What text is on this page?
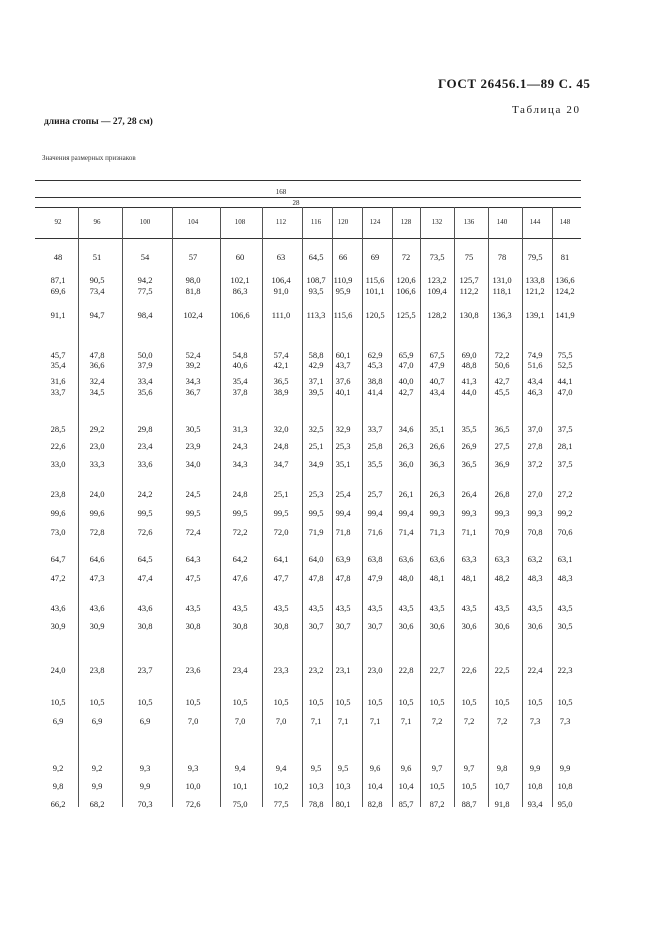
ГОСТ 26456.1—89 С. 45
Таблица 20
длина стопы — 27, 28 см)
Значения размерных признаков
168
28
92	96	100	104	108	112	116	120	124	128	132	136	140	144	148
48	51	54	57	60	63	64,5	66	69	72	73,5	75	78	79,5	81
87,1	90,5	94,2	98,0	102,1	106,4	108,7 110,9	115,6	120,6	123,2	125,7	131,0	133,8	136,6
69,6	73,4	77,5	81,8	86,3	91,0	93,5	95,9	101,1	106,6	109,4	112,2	118,1	121,2	124,2
91,1	94,7	98,4	102,4	106,6	111,0	113,3 115,6	120,5	125,5	128,2	130,8	136,3	139,1	141,9
45,7	47,8	50,0	52,4	54,8	57,4	58,8	60,1	62,9	65,9	67,5	69,0	72,2	74,9	75,5
35,4	36,6	37,9	39,2	40,6	42,1	42,9	43,7	45,3	47,0	47,9	48,8	50,6	51,6	52,5
31,6	32,4	33,4	34,3	35,4	36,5	37,1	37,6	38,8	40,0	40,7	41,3	42,7	43,4	44,1
33,7	34,5	35,6	36,7	37,8	38,9	39,5	40,1	41,4	42,7	43,4	44,0	45,5	46,3	47,0
28,5	29,2	29,8	30,5	31,3	32,0	32,5	32,9	33,7	34,6	35,1	35,5	36,5	37,0	37,5
22,6	23,0	23,4	23,9	24,3	24,8	25,1	25,3	25,8	26,3	26,6	26,9	27,5	27,8	28,1
33,0	33,3	33,6	34,0	34,3	34,7	34,9	35,1	35,5	36,0	36,3	36,5	36,9	37,2	37,5
23,8	24,0	24,2	24,5	24,8	25,1	25,3	25,4	25,7	26,1	26,3	26,4	26,8	27,0	27,2
99,6	99,6	99,5	99,5	99,5	99,5	99,5	99,4	99,4	99,4	99,3	99,3	99,3	99,3	99,2
73,0	72,8	72,6	72,4	72,2	72,0	71,9	71,8	71,6	71,4	71,3	71,1	70,9	70,8	70,6
64,7	64,6	64,5	64,3	64,2	64,1	64,0	63,9	63,8	63,6	63,6	63,3	63,3	63,2	63,1
47,2	47,3	47,4	47,5	47,6	47,7	47,8	47,8	47,9	48,0	48,1	48,1	48,2	48,3	48,3
43,6	43,6	43,6	43,5	43,5	43,5	43,5	43,5	43,5	43,5	43,5	43,5	43,5	43,5	43,5
30,9	30,9	30,8	30,8	30,8	30,8	30,7	30,7	30,7	30,6	30,6	30,6	30,6	30,6	30,5
24,0	23,8	23,7	23,6	23,4	23,3	23,2	23,1	23,0	22,8	22,7	22,6	22,5	22,4	22,3
10,5	10,5	10,5	10,5	10,5	10,5	10,5	10,5	10,5	10,5	10,5	10,5	10,5	10,5	10,5
6,9	6,9	6,9	7,0	7,0	7,0	7,1	7,1	7,1	7,1	7,2	7,2	7,2	7,3	7,3
9,2	9,2	9,3	9,3	9,4	9,4	9,5	9,5	9,6	9,6	9,7	9,7	9,8	9,9	9,9
9,8	9,9	9,9	10,0	10,1	10,2	10,3	10,3	10,4	10,4	10,5	10,5	10,7	10,8	10,8
66,2	68,2	70,3	72,6	75,0	77,5	78,8	80,1	82,8	85,7	87,2	88,7	91,8	93,4	95,0
